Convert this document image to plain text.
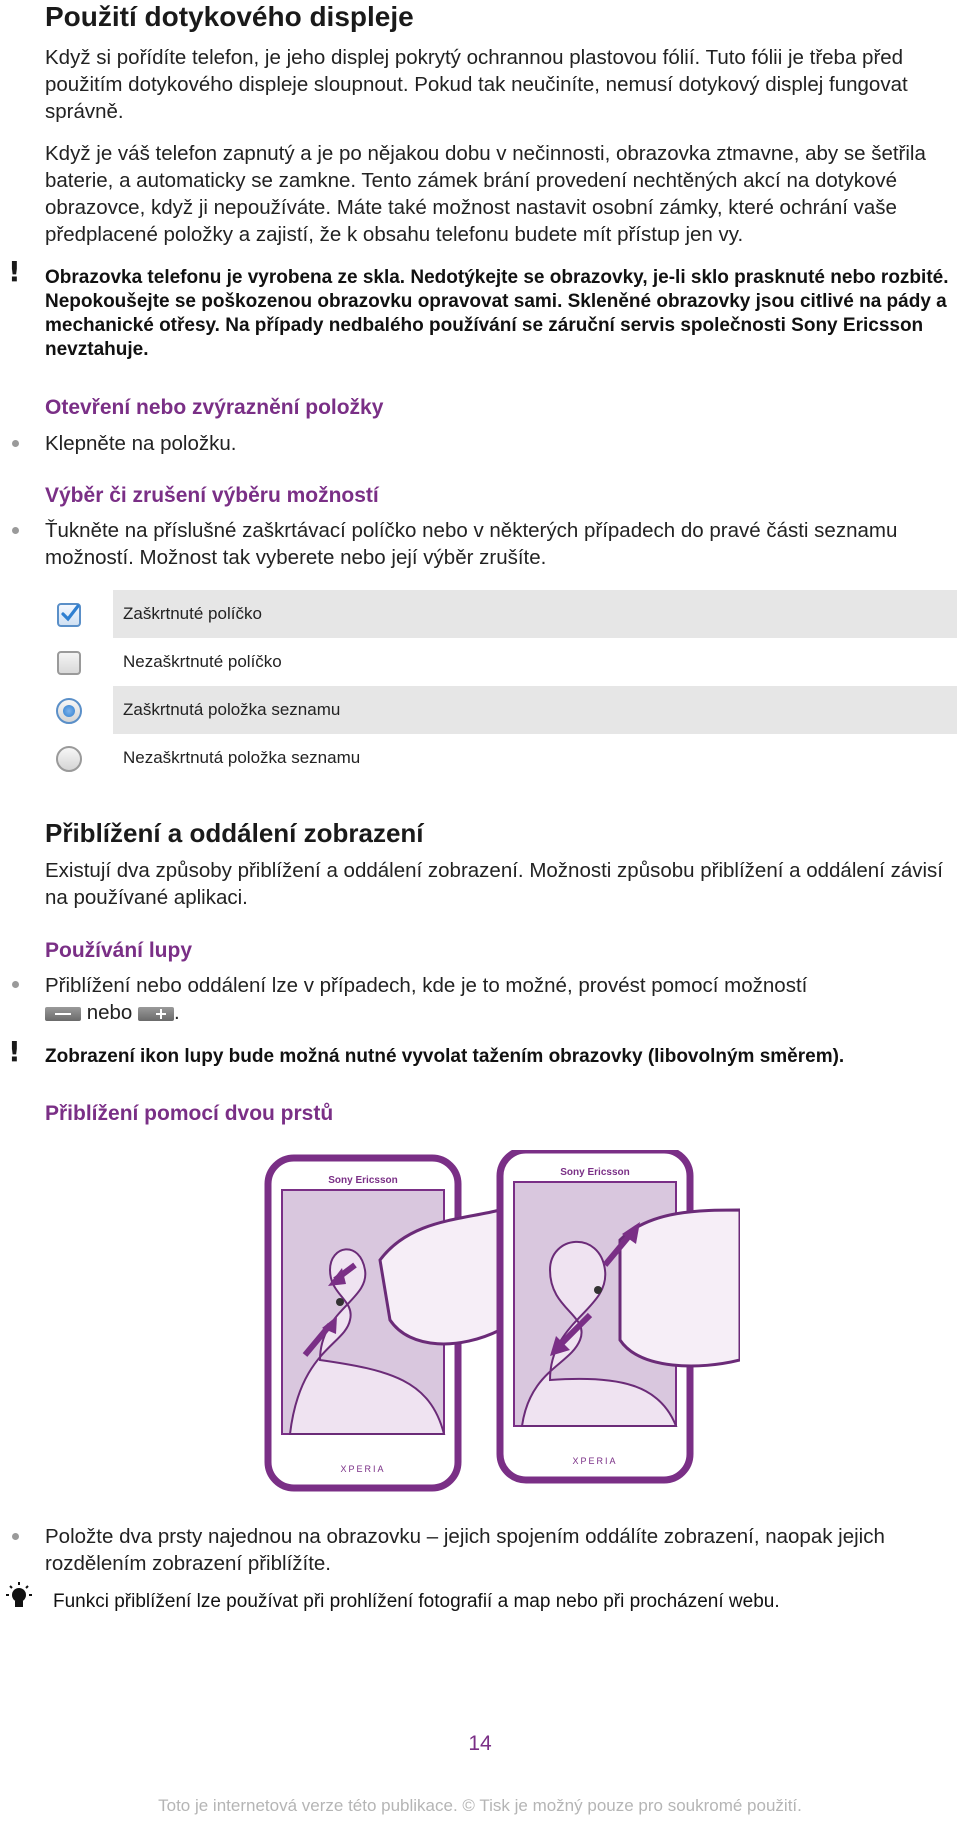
Použití dotykového displeje
Když si pořídíte telefon, je jeho displej pokrytý ochrannou plastovou fólií. Tuto fólii je třeba před použitím dotykového displeje sloupnout. Pokud tak neučiníte, nemusí dotykový displej fungovat správně.
Když je váš telefon zapnutý a je po nějakou dobu v nečinnosti, obrazovka ztmavne, aby se šetřila baterie, a automaticky se zamkne. Tento zámek brání provedení nechtěných akcí na dotykové obrazovce, když ji nepoužíváte. Máte také možnost nastavit osobní zámky, které ochrání vaše předplacené položky a zajistí, že k obsahu telefonu budete mít přístup jen vy.
! Obrazovka telefonu je vyrobena ze skla. Nedotýkejte se obrazovky, je-li sklo prasknuté nebo rozbité. Nepokoušejte se poškozenou obrazovku opravovat sami. Skleněné obrazovky jsou citlivé na pády a mechanické otřesy. Na případy nedbalého používání se záruční servis společnosti Sony Ericsson nevztahuje.
Otevření nebo zvýraznění položky
Klepněte na položku.
Výběr či zrušení výběru možností
Ťukněte na příslušné zaškrtávací políčko nebo v některých případech do pravé části seznamu možností. Možnost tak vyberete nebo její výběr zrušíte.
Zaškrtnuté políčko
Nezaškrtnuté políčko
Zaškrtnutá položka seznamu
Nezaškrtnutá položka seznamu
Přiblížení a oddálení zobrazení
Existují dva způsoby přiblížení a oddálení zobrazení. Možnosti způsobu přiblížení a oddálení závisí na používané aplikaci.
Používání lupy
Přiblížení nebo oddálení lze v případech, kde je to možné, provést pomocí možností

nebo .
! Zobrazení ikon lupy bude možná nutné vyvolat tažením obrazovky (libovolným směrem).
Přiblížení pomocí dvou prstů
Sony Ericsson
XPERIA
Sony Ericsson
XPERIA
Položte dva prsty najednou na obrazovku – jejich spojením oddálíte zobrazení, naopak jejich rozdělením zobrazení přiblížíte.
Funkci přiblížení lze používat při prohlížení fotografií a map nebo při procházení webu.
14
Toto je internetová verze této publikace. © Tisk je možný pouze pro soukromé použití.
